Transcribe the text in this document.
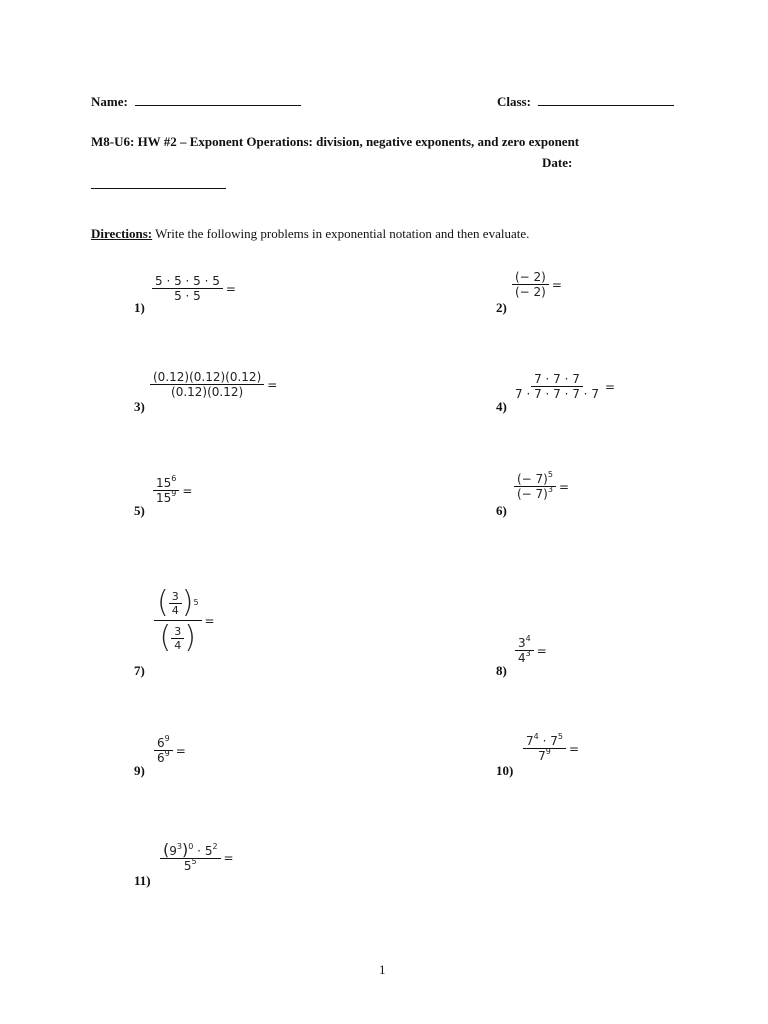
Name:	Class:
M8-U6: HW #2 – Exponent Operations: division, negative exponents, and zero exponent
Date:
Directions: Write the following problems in exponential notation and then evaluate.
1)
$\frac{5 \cdot 5 \cdot 5 \cdot 5}{5 \cdot 5}$ =
2)
$\frac{(- 2)}{(- 2)}$ =
3)
$\frac{(0.12)(0.12)(0.12)}{(0.12)(0.12)}$ =
4)
$\frac{7 \cdot 7 \cdot 7}{7 \cdot 7 \cdot 7 \cdot 7 \cdot 7}$ =
5)
$\frac{15^6}{15^9}$ =
6)
$\frac{(- 7)^5}{(- 7)^3}$ =
7)
$\frac{( \frac{3}{4} ) 5}{( \frac{3}{4} )}$ =
8)
$\frac{3^4}{4^3}$ =
9)
$\frac{6^9}{6^9}$ =
10)
$\frac{7^4 \cdot 7^5}{7^9}$ =
11)
$\frac{(9^3)^0 \cdot 5^2}{5^5}$ =
1
